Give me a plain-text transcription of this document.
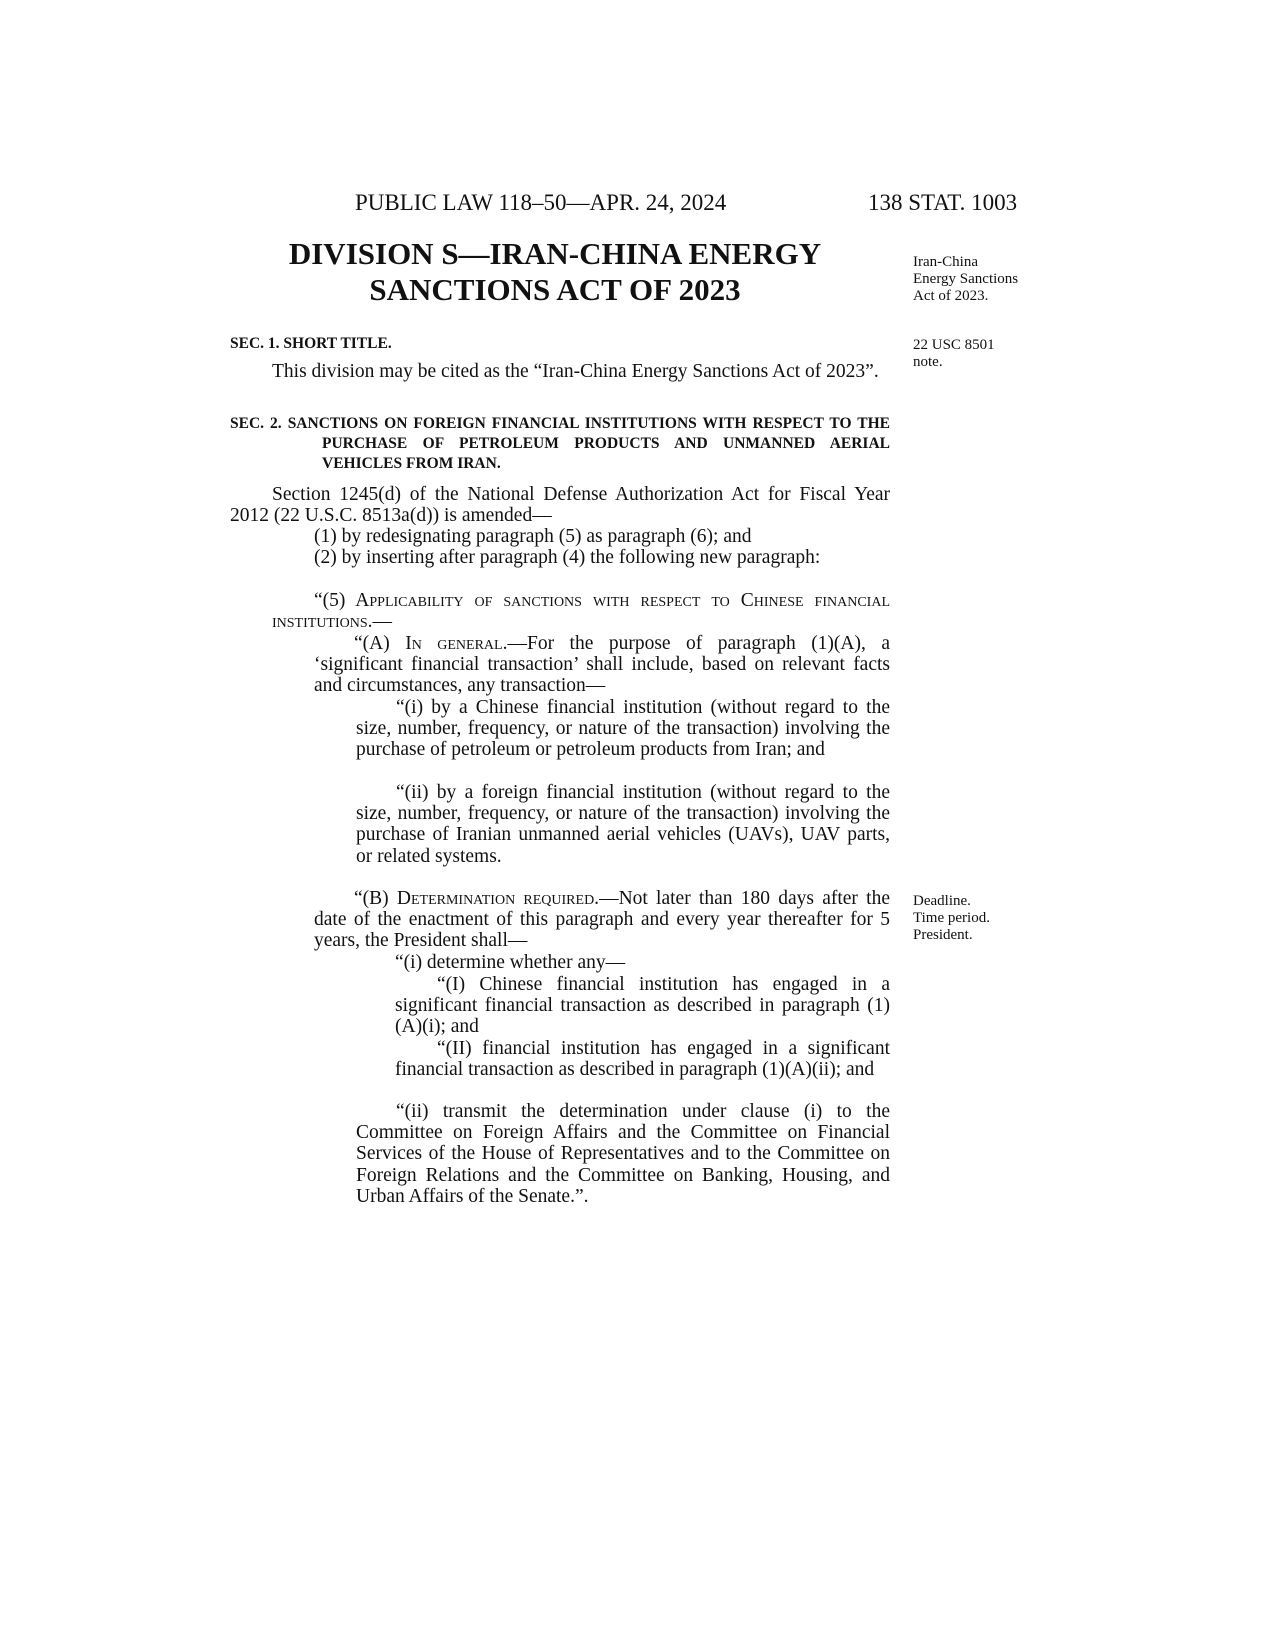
PUBLIC LAW 118–50—APR. 24, 2024	138 STAT. 1003
DIVISION S—IRAN-CHINA ENERGY
SANCTIONS ACT OF 2023
Iran-China
Energy Sanctions
Act of 2023.
22 USC 8501
note.
Deadline.
Time period.
President.
SEC. 1. SHORT TITLE.
This division may be cited as the “Iran-China Energy Sanctions Act of 2023”.
SEC. 2. SANCTIONS ON FOREIGN FINANCIAL INSTITUTIONS WITH RESPECT TO THE PURCHASE OF PETROLEUM PRODUCTS AND UNMANNED AERIAL VEHICLES FROM IRAN.
Section 1245(d) of the National Defense Authorization Act for Fiscal Year 2012 (22 U.S.C. 8513a(d)) is amended—
(1) by redesignating paragraph (5) as paragraph (6); and
(2) by inserting after paragraph (4) the following new paragraph:
“(5) Applicability of sanctions with respect to Chinese financial institutions.—
“(A) In general.—For the purpose of paragraph (1)(A), a ‘significant financial transaction’ shall include, based on relevant facts and circumstances, any transaction—
“(i) by a Chinese financial institution (without regard to the size, number, frequency, or nature of the transaction) involving the purchase of petroleum or petroleum products from Iran; and
“(ii) by a foreign financial institution (without regard to the size, number, frequency, or nature of the transaction) involving the purchase of Iranian unmanned aerial vehicles (UAVs), UAV parts, or related systems.
“(B) Determination required.—Not later than 180 days after the date of the enactment of this paragraph and every year thereafter for 5 years, the President shall—
“(i) determine whether any—
“(I) Chinese financial institution has engaged in a significant financial transaction as described in paragraph (1)(A)(i); and
“(II) financial institution has engaged in a significant financial transaction as described in paragraph (1)(A)(ii); and
“(ii) transmit the determination under clause (i) to the Committee on Foreign Affairs and the Committee on Financial Services of the House of Representatives and to the Committee on Foreign Relations and the Committee on Banking, Housing, and Urban Affairs of the Senate.”.
